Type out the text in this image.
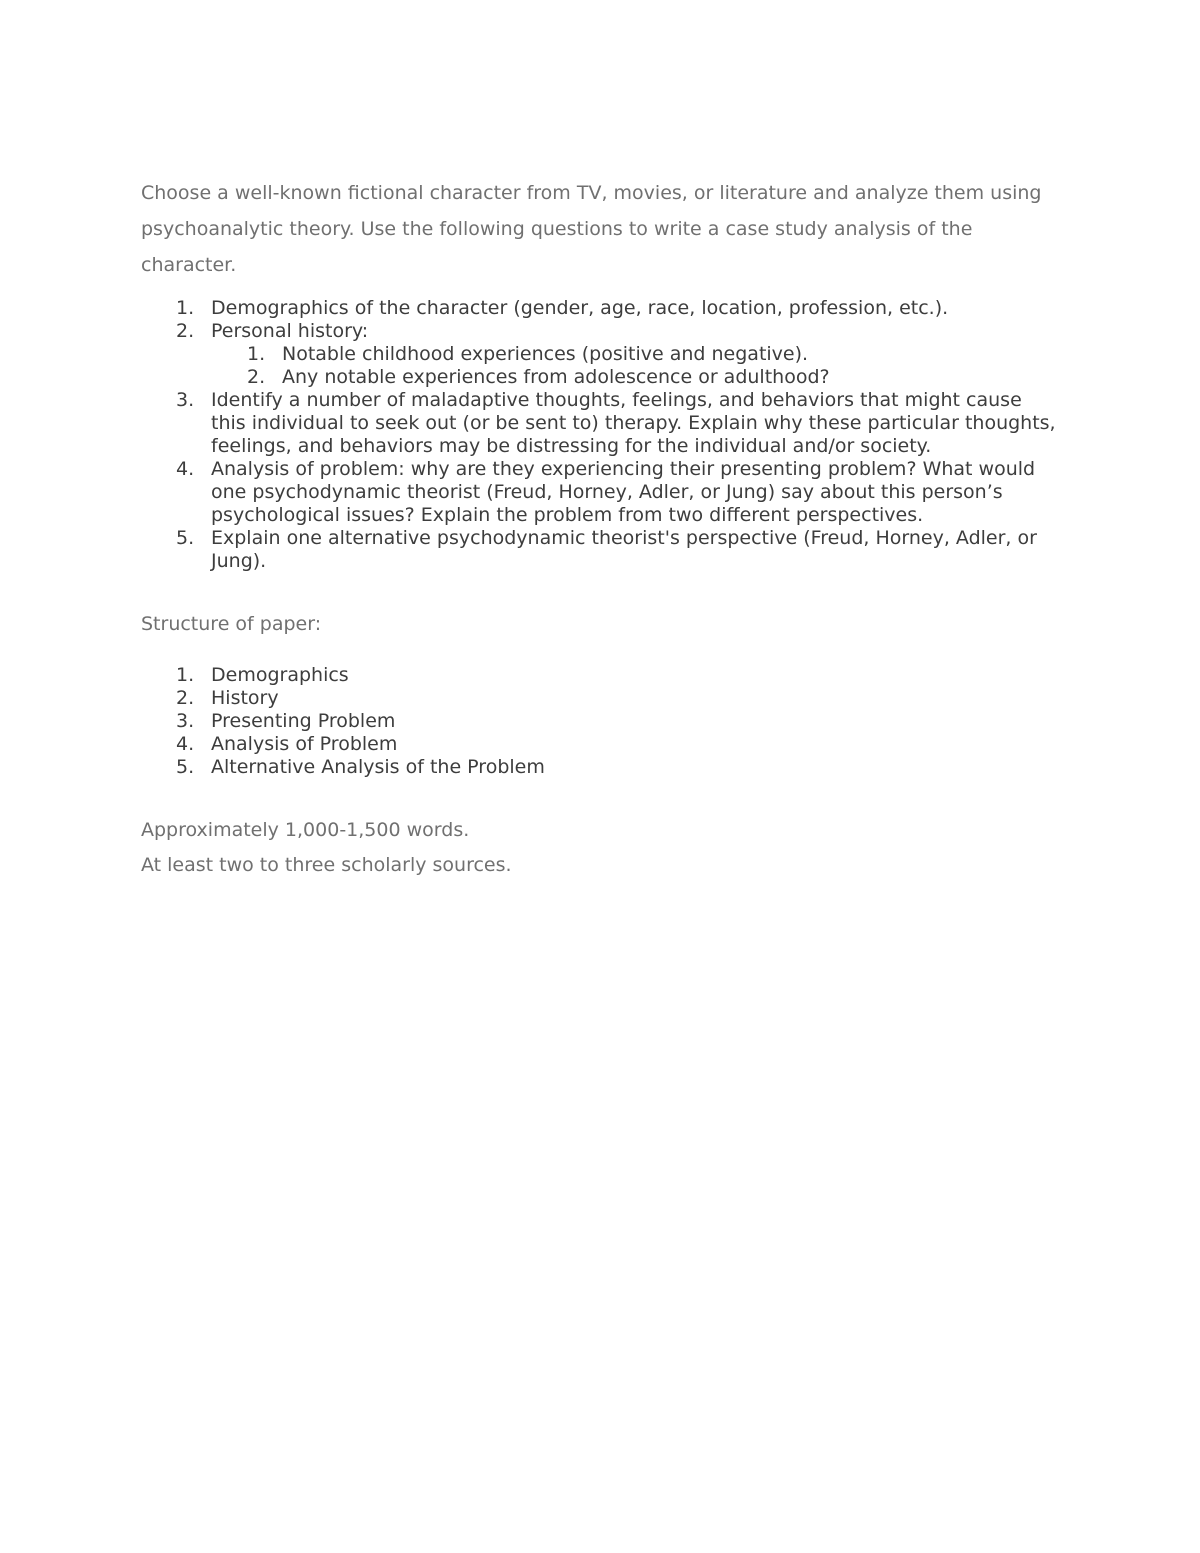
Choose a well-known fictional character from TV, movies, or literature and analyze them using psychoanalytic theory. Use the following questions to write a case study analysis of the character.

1. Demographics of the character (gender, age, race, location, profession, etc.).
2. Personal history:
1. Notable childhood experiences (positive and negative).
2. Any notable experiences from adolescence or adulthood?
3. Identify a number of maladaptive thoughts, feelings, and behaviors that might cause this individual to seek out (or be sent to) therapy. Explain why these particular thoughts, feelings, and behaviors may be distressing for the individual and/or society.
4. Analysis of problem: why are they experiencing their presenting problem? What would one psychodynamic theorist (Freud, Horney, Adler, or Jung) say about this person’s psychological issues? Explain the problem from two different perspectives.
5. Explain one alternative psychodynamic theorist's perspective (Freud, Horney, Adler, or Jung).

Structure of paper:

1. Demographics
2. History
3. Presenting Problem
4. Analysis of Problem
5. Alternative Analysis of the Problem

Approximately 1,000-1,500 words.

At least two to three scholarly sources.
